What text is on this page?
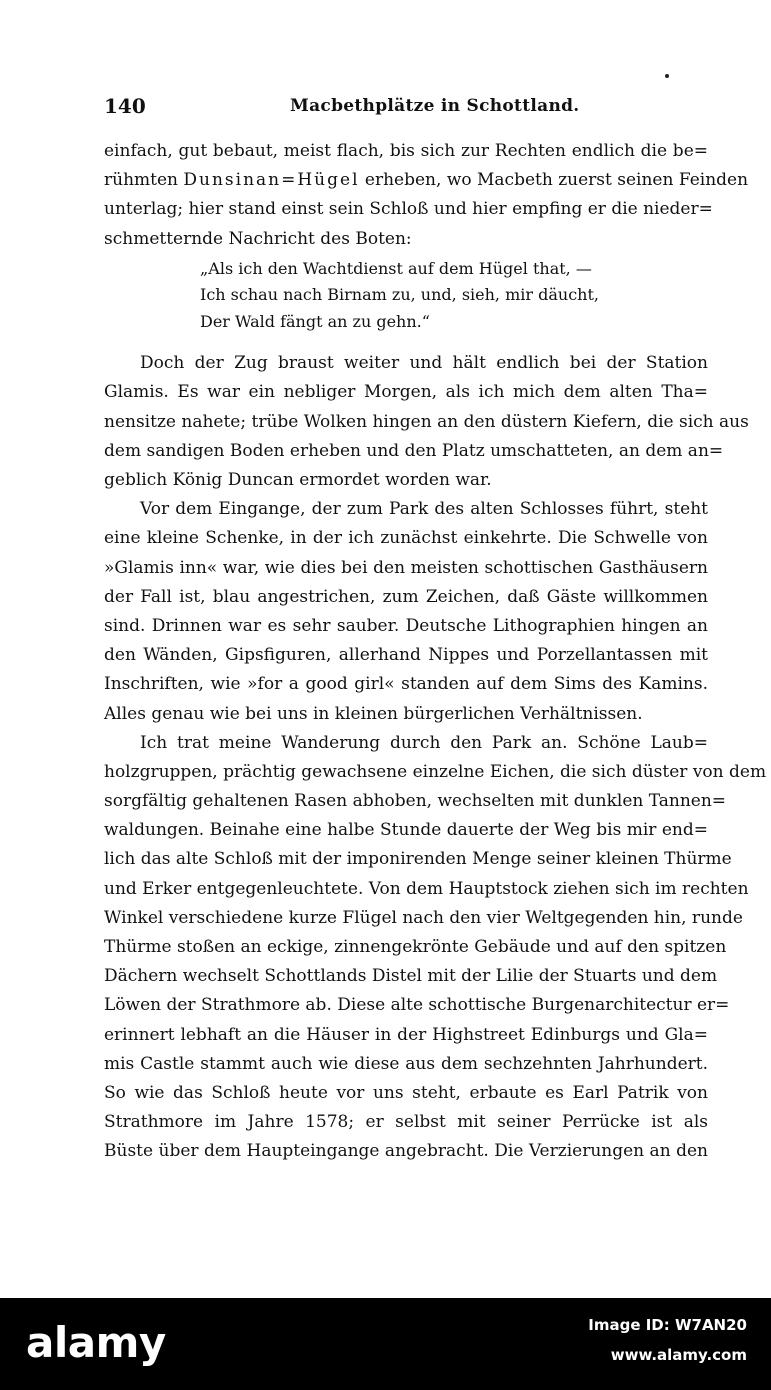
140	Macbethplätze in Schottland.
einfach, gut bebaut, meist flach, bis sich zur Rechten endlich die be=
rühmten Dunsinan=Hügel erheben, wo Macbeth zuerst seinen Feinden
unterlag; hier stand einst sein Schloß und hier empfing er die nieder=
schmetternde Nachricht des Boten:
„Als ich den Wachtdienst auf dem Hügel that, —
Ich schau nach Birnam zu, und, sieh, mir däucht,
Der Wald fängt an zu gehn.“
Doch der Zug braust weiter und hält endlich bei der Station
Glamis. Es war ein nebliger Morgen, als ich mich dem alten Tha=
nensitze nahete; trübe Wolken hingen an den düstern Kiefern, die sich aus
dem sandigen Boden erheben und den Platz umschatteten, an dem an=
geblich König Duncan ermordet worden war.
Vor dem Eingange, der zum Park des alten Schlosses führt, steht
eine kleine Schenke, in der ich zunächst einkehrte. Die Schwelle von
»Glamis inn« war, wie dies bei den meisten schottischen Gasthäusern
der Fall ist, blau angestrichen, zum Zeichen, daß Gäste willkommen
sind. Drinnen war es sehr sauber. Deutsche Lithographien hingen an
den Wänden, Gipsfiguren, allerhand Nippes und Porzellantassen mit
Inschriften, wie »for a good girl« standen auf dem Sims des Kamins.
Alles genau wie bei uns in kleinen bürgerlichen Verhältnissen.
Ich trat meine Wanderung durch den Park an. Schöne Laub=
holzgruppen, prächtig gewachsene einzelne Eichen, die sich düster von dem
sorgfältig gehaltenen Rasen abhoben, wechselten mit dunklen Tannen=
waldungen. Beinahe eine halbe Stunde dauerte der Weg bis mir end=
lich das alte Schloß mit der imponirenden Menge seiner kleinen Thürme
und Erker entgegenleuchtete. Von dem Hauptstock ziehen sich im rechten
Winkel verschiedene kurze Flügel nach den vier Weltgegenden hin, runde
Thürme stoßen an eckige, zinnengekrönte Gebäude und auf den spitzen
Dächern wechselt Schottlands Distel mit der Lilie der Stuarts und dem
Löwen der Strathmore ab. Diese alte schottische Burgenarchitectur er=
erinnert lebhaft an die Häuser in der Highstreet Edinburgs und Gla=
mis Castle stammt auch wie diese aus dem sechzehnten Jahrhundert.
So wie das Schloß heute vor uns steht, erbaute es Earl Patrik von
Strathmore im Jahre 1578; er selbst mit seiner Perrücke ist als
Büste über dem Haupteingange angebracht. Die Verzierungen an den
alamy	Image ID: W7AN20
www.alamy.com
